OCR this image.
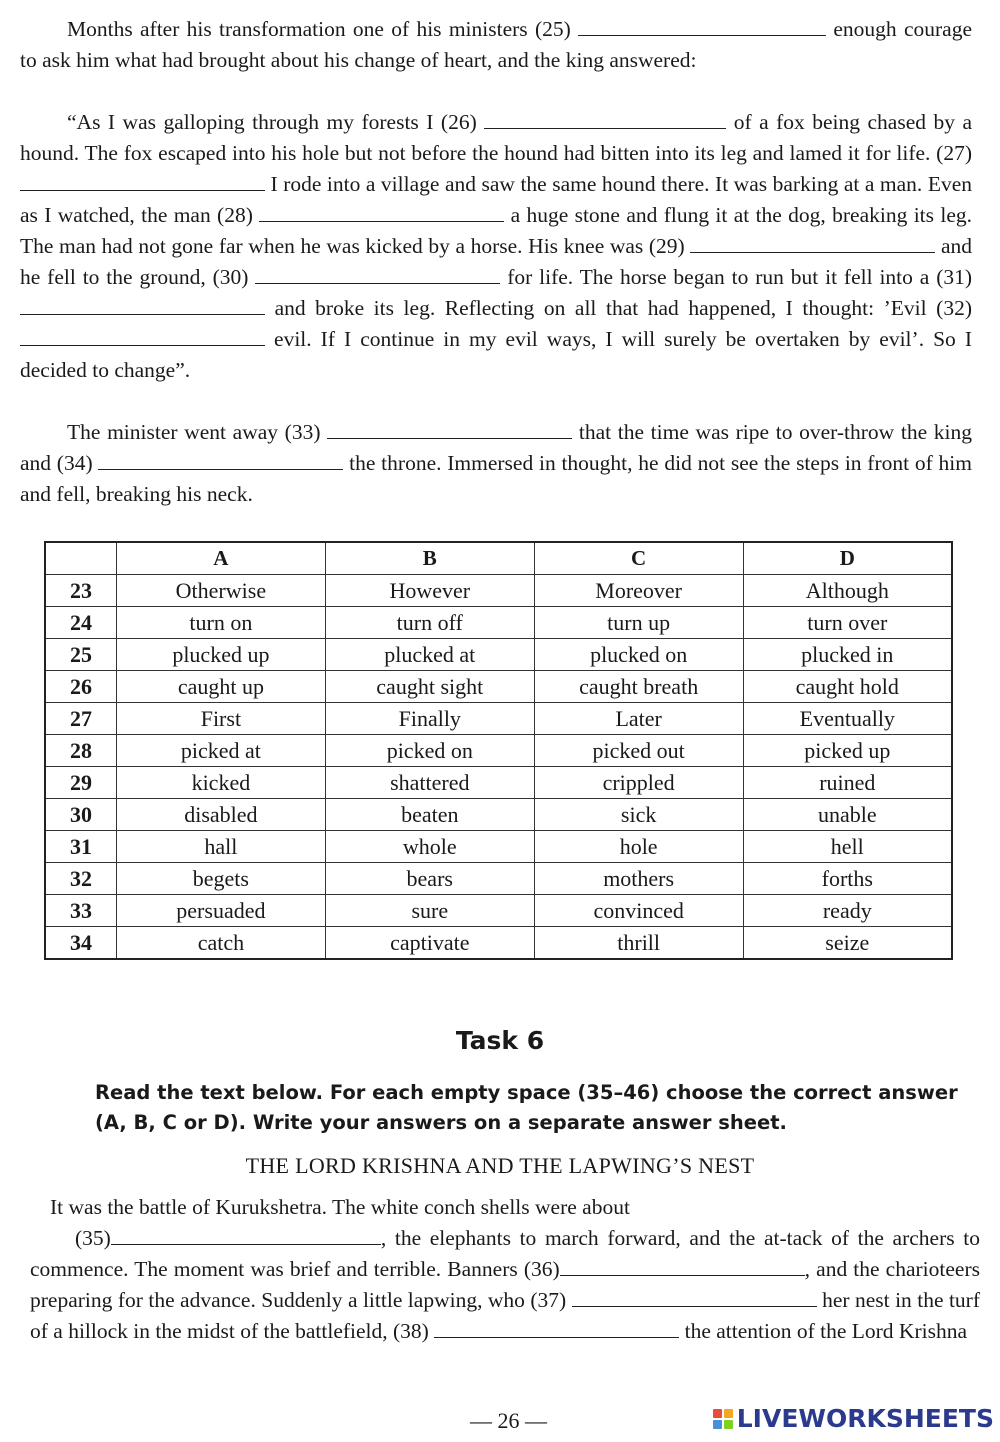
Months after his transformation one of his ministers (25)	enough courage to ask him what had brought about his change of heart, and the king answered:

“As I was galloping through my forests I (26)	of a fox being chased by a hound. The fox escaped into his hole but not before the hound had bitten into its leg and lamed it for life. (27)  I rode into a village and saw the same hound there. It was barking at a man. Even as I watched, the man (28)	a huge stone and flung it at the dog, breaking its leg. The man had not gone far when he was kicked by a horse. His knee was (29)	and he fell to the ground, (30)	for life. The horse began to run but it fell into a (31)  and broke its leg. Reflecting on all that had happened, I thought: ’Evil (32)  evil. If I continue in my evil ways, I will surely be overtaken by evil’. So I decided to change”.

The minister went away (33)	that the time was ripe to over-throw the king and (34)	the throne. Immersed in thought, he did not see the steps in front of him and fell, breaking his neck.

	A	B	C	D
23	Otherwise	However	Moreover	Although
24	turn on	turn off	turn up	turn over
25	plucked up	plucked at	plucked on	plucked in
26	caught up	caught sight	caught breath	caught hold
27	First	Finally	Later	Eventually
28	picked at	picked on	picked out	picked up
29	kicked	shattered	crippled	ruined
30	disabled	beaten	sick	unable
31	hall	whole	hole	hell
32	begets	bears	mothers	forths
33	persuaded	sure	convinced	ready
34	catch	captivate	thrill	seize
Task 6
Read the text below. For each empty space (35–46) choose the correct answer (A, B, C or D). Write your answers on a separate answer sheet.
THE LORD KRISHNA AND THE LAPWING’S NEST

It was the battle of Kurukshetra. The white conch shells were about
(35)	, the elephants to march forward, and the at-tack of the archers to commence. The moment was brief and terrible. Banners (36)	, and the charioteers preparing for the advance. Suddenly a little lapwing, who (37)	her nest in the turf of a hillock in the midst of the battlefield, (38)	the attention of the Lord Krishna

— 26 —	LIVEWORKSHEETS
